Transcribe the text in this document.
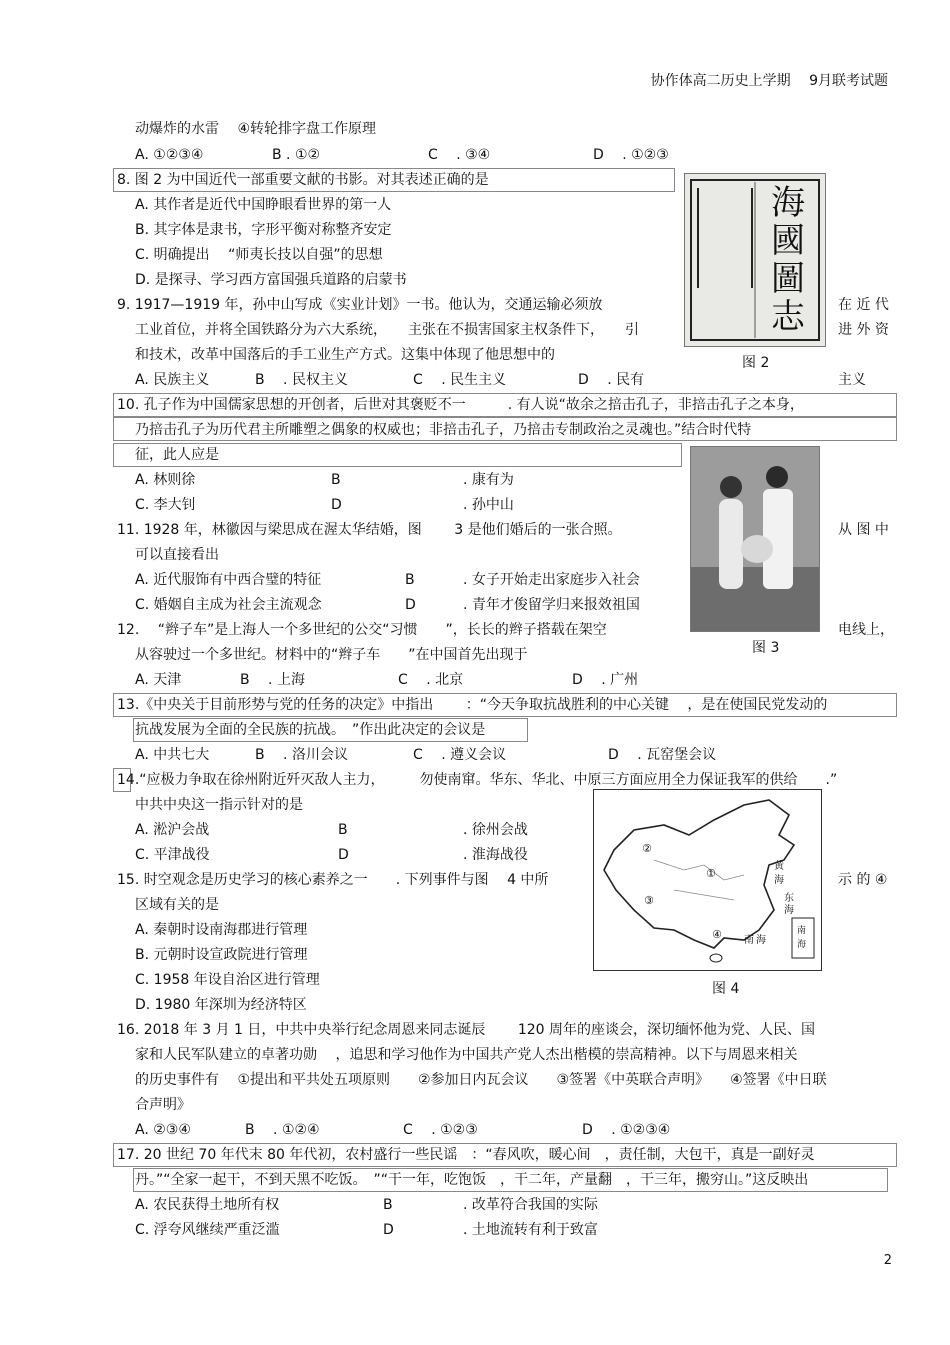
协作体高二历史上学期　 9月联考试题
2
动爆炸的水雷　 ④转轮排字盘工作原理
A. ①②③④	B . ①②	C　 . ③④	D　 . ①②③
8. 图 2 为中国近代一部重要文献的书影。对其表述正确的是
A. 其作者是近代中国睁眼看世界的第一人
B. 其字体是隶书，字形平衡对称整齐安定
C. 明确提出　 “师夷长技以自强”的思想
D. 是探寻、学习西方富国强兵道路的启蒙书
9. 1917—1919 年，孙中山写成《实业计划》一书。他认为，交通运输必须放	在 近 代
工业首位，并将全国铁路分为六大系统，　　主张在不损害国家主权条件下，　　引	进 外 资
和技术，改革中国落后的手工业生产方式。这集中体现了他思想中的
A. 民族主义	B　 . 民权主义	C　 . 民生主义	D　 . 民有	主义
10. 孔子作为中国儒家思想的开创者，后世对其褒贬不一　　　. 有人说“故余之掊击孔子，非掊击孔子之本身，
乃掊击孔子为历代君主所雕塑之偶象的权威也；非掊击孔子，乃掊击专制政治之灵魂也。”结合时代特
征，此人应是
A. 林则徐	B	. 康有为
C. 李大钊	D	. 孙中山
11. 1928 年，林徽因与梁思成在渥太华结婚，图　　 3 是他们婚后的一张合照。	从 图 中
可以直接看出
A. 近代服饰有中西合璧的特征	B	. 女子开始走出家庭步入社会
C. 婚姻自主成为社会主流观念	D	. 青年才俊留学归来报效祖国
12.　 “辫子车”是上海人一个多世纪的公交“习惯　　”，长长的辫子搭载在架空	电线上，
从容驶过一个多世纪。材料中的“辫子车　　”在中国首先出现于
A. 天津	B　 . 上海	C　 . 北京	D　 . 广州
13.《中央关于目前形势与党的任务的决定》中指出　　 ：“今天争取抗战胜利的中心关键　 ，是在使国民党发动的
抗战发展为全面的全民族的抗战。　”作出此决定的会议是
A. 中共七大	B　 . 洛川会议	C　 . 遵义会议	D　 . 瓦窑堡会议
14.“应极力争取在徐州附近歼灭敌人主力，　　　勿使南窜。华东、华北、中原三方面应用全力保证我军的供给　　.”
中共中央这一指示针对的是
A. 淞沪会战	B	. 徐州会战
C. 平津战役	D	. 淮海战役
15. 时空观念是历史学习的核心素养之一　　. 下列事件与图　 4 中所	示 的 ④
区域有关的是
A. 秦朝时设南海郡进行管理
B. 元朝时设宣政院进行管理
C. 1958 年设自治区进行管理
D. 1980 年深圳为经济特区
16. 2018 年 3 月 1 日，中共中央举行纪念周恩来同志诞辰　　 120 周年的座谈会，深切缅怀他为党、人民、国
家和人民军队建立的卓著功勋　 ，追思和学习他作为中国共产党人杰出楷模的崇高精神。以下与周恩来相关
的历史事件有　 ①提出和平共处五项原则　　②参加日内瓦会议　　③签署《中英联合声明》　　④签署《中日联
合声明》
A. ②③④	B　 . ①②④	C　 . ①②③	D　 . ①②③④
17. 20 世纪 70 年代末 80 年代初，农村盛行一些民谣　：“春风吹，暖心间　，责任制，大包干，真是一副好灵
丹。”“全家一起干，不到天黑不吃饭。　”“干一年，吃饱饭　，干二年，产量翻　，干三年，搬穷山。”这反映出
A. 农民获得土地所有权	B	. 改革符合我国的实际
C. 浮夸风继续严重泛滥	D	. 土地流转有利于致富
海國圖志
图 2
图 3
②
①
③
④
黄
海
东
海
南 海
南
海
图 4
